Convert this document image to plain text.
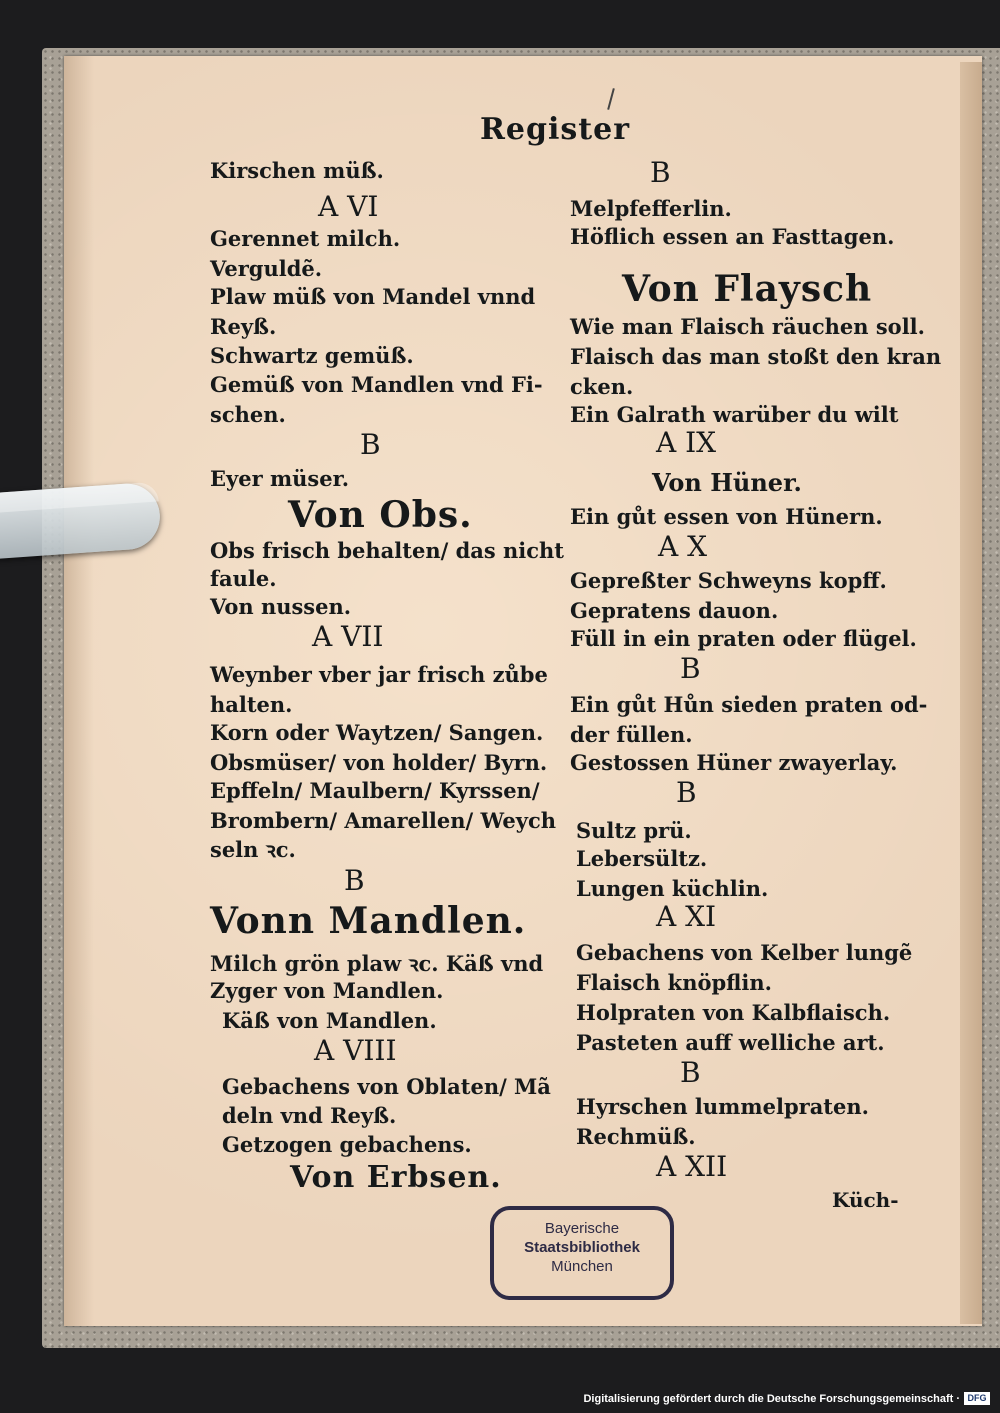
Register
Kirschen müß.
A VI
Gerennet milch.
Verguldẽ.
Plaw müß von Mandel vnnd
Reyß.
Schwartz gemüß.
Gemüß von Mandlen vnd Fi-
schen.
B
Eyer müser.
Von Obs.
Obs frisch behalten/ das nicht
faule.
Von nussen.
A VII
Weynber vber jar frisch zůbe
halten.
Korn oder Waytzen/ Sangen.
Obsmüser/ von holder/ Byrn.
Epffeln/ Maulbern/ Kyrssen/
Brombern/ Amarellen/ Weych
seln ꝛc.
B
Vonn Mandlen.
Milch grön plaw ꝛc. Käß vnd
Zyger von Mandlen.
Käß von Mandlen.
A VIII
Gebachens von Oblaten/ Mã
deln vnd Reyß.
Getzogen gebachens.
Von Erbsen.
B
Melpfefferlin.
Höflich essen an Fasttagen.
Von Flaysch
Wie man Flaisch räuchen soll.
Flaisch das man stoßt den kran
cken.
Ein Galrath warüber du wilt
A IX
Von Hüner.
Ein gůt essen von Hünern.
A X
Gepreßter Schweyns kopff.
Gepratens dauon.
Füll in ein praten oder flügel.
B
Ein gůt Hůn sieden praten od-
der füllen.
Gestossen Hüner zwayerlay.
B
Sultz prü.
Lebersültz.
Lungen küchlin.
A XI
Gebachens von Kelber lungẽ
Flaisch knöpflin.
Holpraten von Kalbflaisch.
Pasteten auff welliche art.
B
Hyrschen lummelpraten.
Rechmüß.
A XII
Küch-
Bayerische
Staatsbibliothek
München
Digitalisierung gefördert durch die Deutsche Forschungsgemeinschaft · DFG
